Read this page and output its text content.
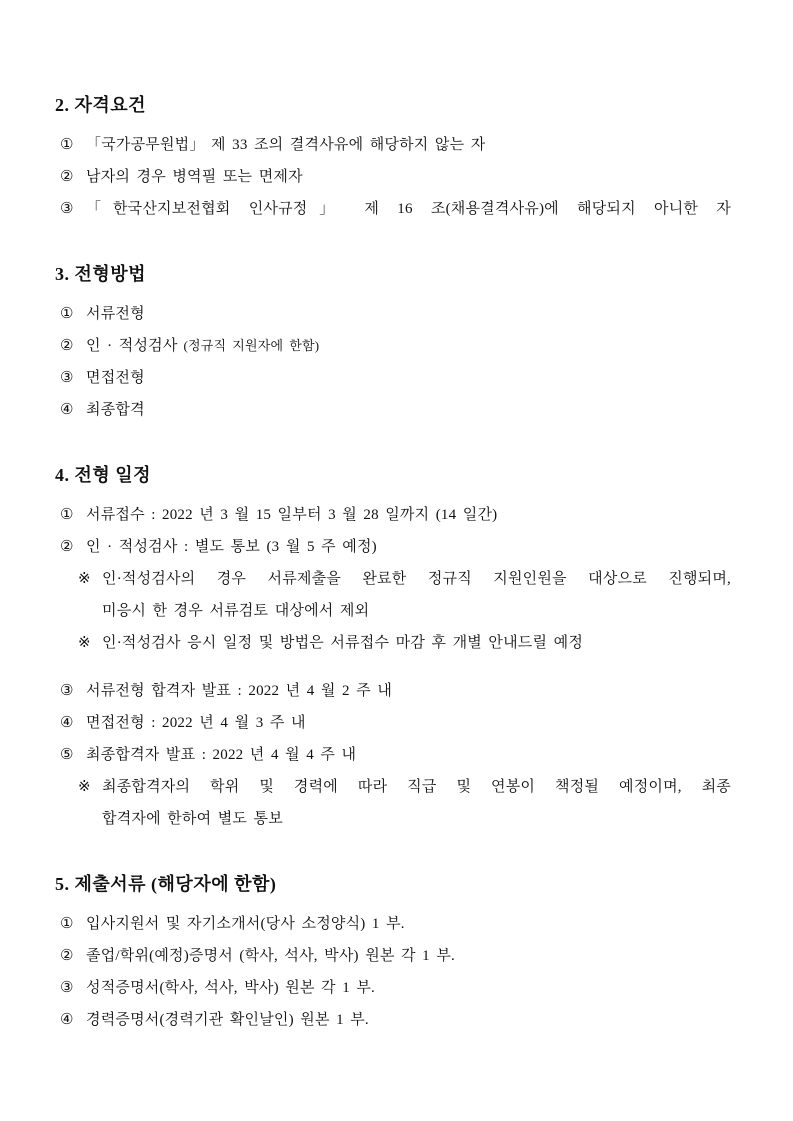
2. 자격요건
① 「국가공무원법」 제 33 조의 결격사유에 해당하지 않는 자
② 남자의 경우 병역필 또는 면제자
③ 「한국산지보전협회 인사규정」 제 16 조(채용결격사유)에 해당되지 아니한 자
3. 전형방법
① 서류전형
② 인 · 적성검사 (정규직 지원자에 한함)
③ 면접전형
④ 최종합격
4. 전형 일정
① 서류접수 : 2022 년 3 월 15 일부터 3 월 28 일까지 (14 일간)
② 인 · 적성검사 : 별도 통보 (3 월 5 주 예정)
※ 인·적성검사의 경우 서류제출을 완료한 정규직 지원인원을 대상으로 진행되며,
미응시 한 경우 서류검토 대상에서 제외
※ 인·적성검사 응시 일정 및 방법은 서류접수 마감 후 개별 안내드릴 예정
③ 서류전형 합격자 발표 : 2022 년 4 월 2 주 내
④ 면접전형 : 2022 년 4 월 3 주 내
⑤ 최종합격자 발표 : 2022 년 4 월 4 주 내
※ 최종합격자의 학위 및 경력에 따라 직급 및 연봉이 책정될 예정이며, 최종
합격자에 한하여 별도 통보
5. 제출서류 (해당자에 한함)
① 입사지원서 및 자기소개서(당사 소정양식) 1 부.
② 졸업/학위(예정)증명서 (학사, 석사, 박사) 원본 각 1 부.
③ 성적증명서(학사, 석사, 박사) 원본 각 1 부.
④ 경력증명서(경력기관 확인날인) 원본 1 부.
